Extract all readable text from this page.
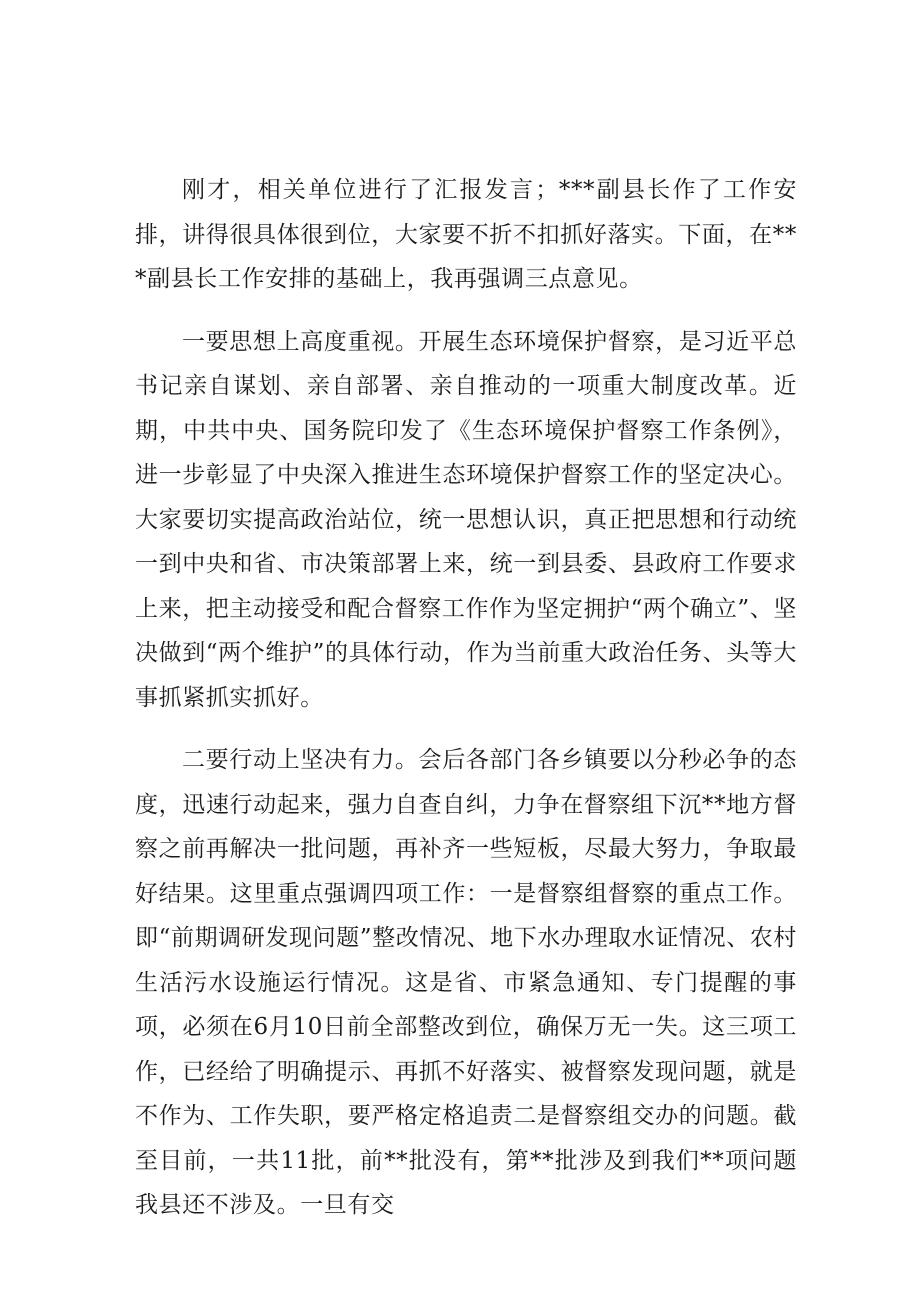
刚才，相关单位进行了汇报发言；***副县长作了工作安排，讲得很具体很到位，大家要不折不扣抓好落实。下面，在***副县长工作安排的基础上，我再强调三点意见。

一要思想上高度重视。开展生态环境保护督察，是习近平总书记亲自谋划、亲自部署、亲自推动的一项重大制度改革。近期，中共中央、国务院印发了《生态环境保护督察工作条例》，进一步彰显了中央深入推进生态环境保护督察工作的坚定决心。大家要切实提高政治站位，统一思想认识，真正把思想和行动统一到中央和省、市决策部署上来，统一到县委、县政府工作要求上来，把主动接受和配合督察工作作为坚定拥护“两个确立”、坚决做到“两个维护”的具体行动，作为当前重大政治任务、头等大事抓紧抓实抓好。

二要行动上坚决有力。会后各部门各乡镇要以分秒必争的态度，迅速行动起来，强力自查自纠，力争在督察组下沉**地方督察之前再解决一批问题，再补齐一些短板，尽最大努力，争取最好结果。这里重点强调四项工作：一是督察组督察的重点工作。即“前期调研发现问题”整改情况、地下水办理取水证情况、农村生活污水设施运行情况。这是省、市紧急通知、专门提醒的事项，必须在6月10日前全部整改到位，确保万无一失。这三项工作，已经给了明确提示、再抓不好落实、被督察发现问题，就是不作为、工作失职，要严格定格追责二是督察组交办的问题。截至目前，一共11批，前**批没有，第**批涉及到我们**项问题我县还不涉及。一旦有交
